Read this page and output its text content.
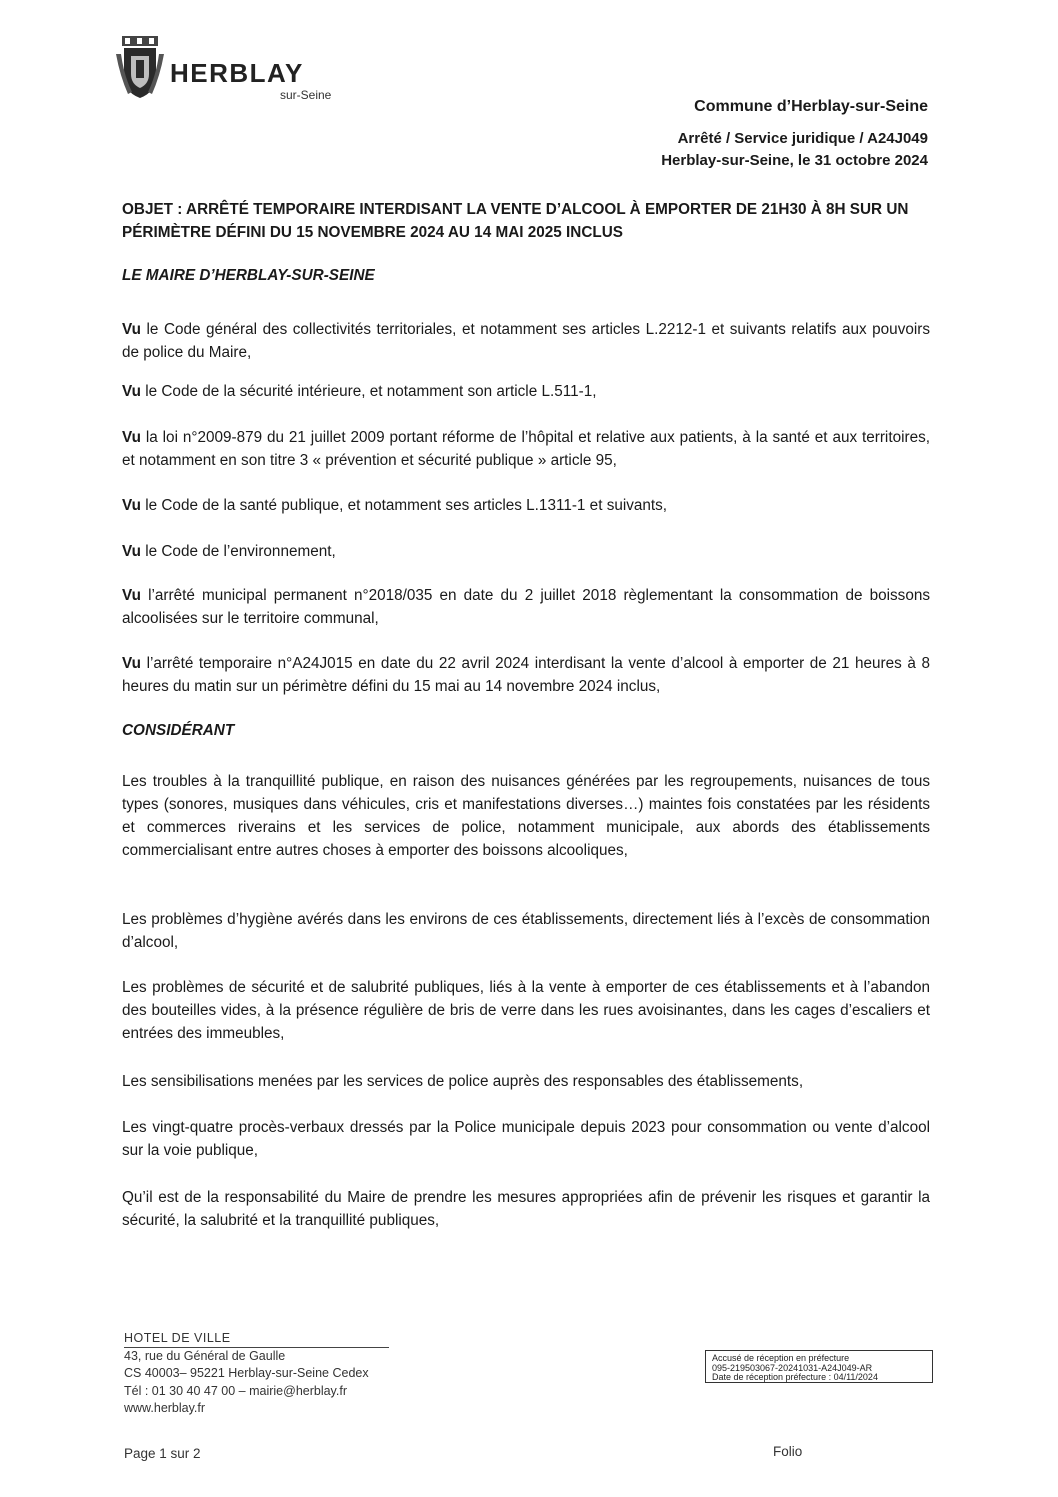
HERBLAY
sur-Seine
Commune d’Herblay-sur-Seine
Arrêté / Service juridique / A24J049
Herblay-sur-Seine, le 31 octobre 2024
OBJET : ARRÊTÉ TEMPORAIRE INTERDISANT LA VENTE D’ALCOOL À EMPORTER DE 21H30 À 8H SUR UN PÉRIMÈTRE DÉFINI DU 15 NOVEMBRE 2024 AU 14 MAI 2025 INCLUS
LE MAIRE D’HERBLAY-SUR-SEINE
Vu le Code général des collectivités territoriales, et notamment ses articles L.2212-1 et suivants relatifs aux pouvoirs de police du Maire,
Vu le Code de la sécurité intérieure, et notamment son article L.511-1,
Vu la loi n°2009-879 du 21 juillet 2009 portant réforme de l’hôpital et relative aux patients, à la santé et aux territoires, et notamment en son titre 3 « prévention et sécurité publique » article 95,
Vu le Code de la santé publique, et notamment ses articles L.1311-1 et suivants,
Vu le Code de l’environnement,
Vu l’arrêté municipal permanent n°2018/035 en date du 2 juillet 2018 règlementant la consommation de boissons alcoolisées sur le territoire communal,
Vu l’arrêté temporaire n°A24J015 en date du 22 avril 2024 interdisant la vente d’alcool à emporter de 21 heures à 8 heures du matin sur un périmètre défini du 15 mai au 14 novembre 2024 inclus,
CONSIDÉRANT
Les troubles à la tranquillité publique, en raison des nuisances générées par les regroupements, nuisances de tous types (sonores, musiques dans véhicules, cris et manifestations diverses…) maintes fois constatées par les résidents et commerces riverains et les services de police, notamment municipale, aux abords des établissements commercialisant entre autres choses à emporter des boissons alcooliques,
Les problèmes d’hygiène avérés dans les environs de ces établissements, directement liés à l’excès de consommation d’alcool,
Les problèmes de sécurité et de salubrité publiques, liés à la vente à emporter de ces établissements et à l’abandon des bouteilles vides, à la présence régulière de bris de verre dans les rues avoisinantes, dans les cages d’escaliers et entrées des immeubles,
Les sensibilisations menées par les services de police auprès des responsables des établissements,
Les vingt-quatre procès-verbaux dressés par la Police municipale depuis 2023 pour consommation ou vente d’alcool sur la voie publique,
Qu’il est de la responsabilité du Maire de prendre les mesures appropriées afin de prévenir les risques et garantir la sécurité, la salubrité et la tranquillité publiques,
HOTEL DE VILLE
43, rue du Général de Gaulle
CS 40003– 95221 Herblay-sur-Seine Cedex
Tél : 01 30 40 47 00 – mairie@herblay.fr
www.herblay.fr
Accusé de réception en préfecture
095-219503067-20241031-A24J049-AR
Date de réception préfecture : 04/11/2024
Page 1 sur 2	Folio
